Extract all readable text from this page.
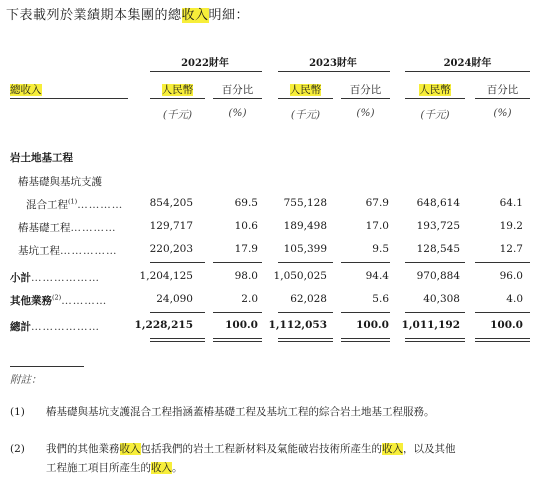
下表載列於業績期本集團的總收入明細：
2022財年	2023財年	2024財年
總收入	人民幣	百分比	人民幣	百分比	人民幣	百分比
(千元)	(%)	(千元)	(%)	(千元)	(%)
岩土地基工程
樁基礎與基坑支護
混合工程$^{(1)}$…………	854,205	69.5	755,128	67.9	648,614	64.1
樁基礎工程…………	129,717	10.6	189,498	17.0	193,725	19.2
基坑工程……………	220,203	17.9	105,399	9.5	128,545	12.7
小計………………	1,204,125	98.0	1,050,025	94.4	970,884	96.0
其他業務$^{(2)}$…………	24,090	2.0	62,028	5.6	40,308	4.0
總計………………	1,228,215	100.0	1,112,053	100.0	1,011,192	100.0
附註：
(1) 樁基礎與基坑支護混合工程指涵蓋樁基礎工程及基坑工程的綜合岩土地基工程服務。
(2) 我們的其他業務收入包括我們的岩土工程新材料及氣能破岩技術所產生的收入，以及其他
工程施工項目所產生的收入。
